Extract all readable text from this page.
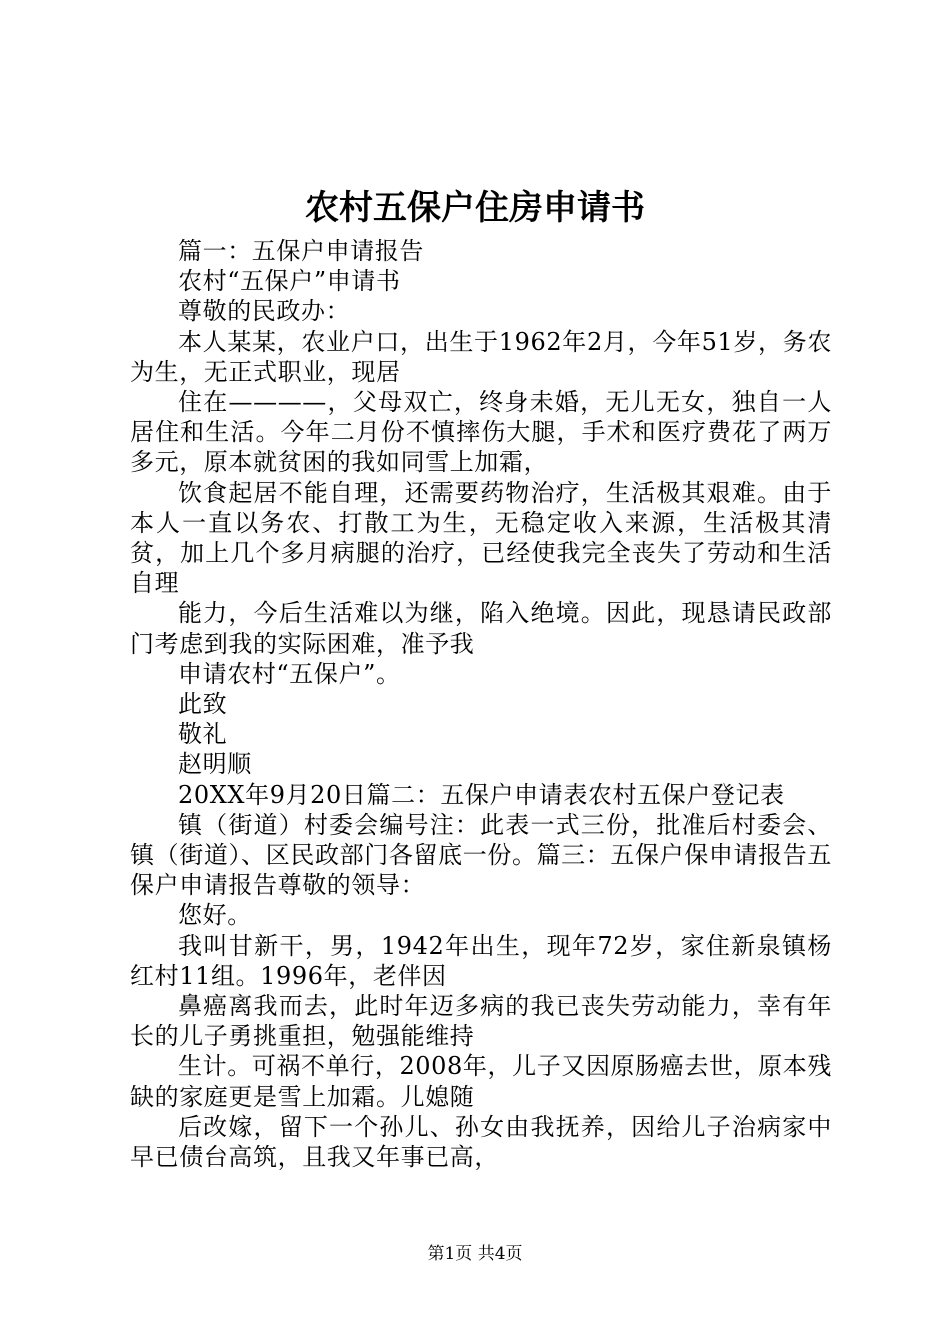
农村五保户住房申请书

篇一：五保户申请报告

农村“五保户”申请书

尊敬的民政办：

本人某某，农业户口，出生于1962年2月，今年51岁，务农为生，无正式职业，现居

住在————，父母双亡，终身未婚，无儿无女，独自一人居住和生活。今年二月份不慎摔伤大腿，手术和医疗费花了两万多元，原本就贫困的我如同雪上加霜，

饮食起居不能自理，还需要药物治疗，生活极其艰难。由于本人一直以务农、打散工为生，无稳定收入来源，生活极其清贫，加上几个多月病腿的治疗，已经使我完全丧失了劳动和生活自理

能力，今后生活难以为继，陷入绝境。因此，现恳请民政部门考虑到我的实际困难，准予我

申请农村“五保户”。

此致

敬礼

赵明顺

20XX年9月20日篇二：五保户申请表农村五保户登记表

镇（街道）村委会编号注：此表一式三份，批准后村委会、镇（街道）、区民政部门各留底一份。篇三：五保户保申请报告五保户申请报告尊敬的领导：

您好。

我叫甘新干，男，1942年出生，现年72岁，家住新泉镇杨红村11组。1996年，老伴因

鼻癌离我而去，此时年迈多病的我已丧失劳动能力，幸有年长的儿子勇挑重担，勉强能维持

生计。可祸不单行，2008年，儿子又因原肠癌去世，原本残缺的家庭更是雪上加霜。儿媳随

后改嫁，留下一个孙儿、孙女由我抚养，因给儿子治病家中早已债台高筑，且我又年事已高，

第1页 共4页
